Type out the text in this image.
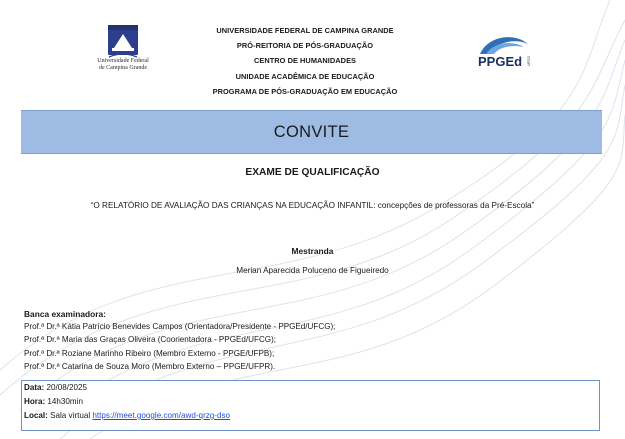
Universidade Federal
de Campina Grande
UNIVERSIDADE FEDERAL DE CAMPINA GRANDE
PRÓ-REITORIA DE PÓS-GRADUAÇÃO
CENTRO DE HUMANIDADES
UNIDADE ACADÊMICA DE EDUCAÇÃO
PROGRAMA DE PÓS-GRADUAÇÃO EM EDUCAÇÃO
PPGEd UFCG
CONVITE
EXAME DE QUALIFICAÇÃO
“O RELATÓRIO DE AVALIAÇÃO DAS CRIANÇAS NA EDUCAÇÃO INFANTIL: concepções de professoras da Pré-Escola”
Mestranda
Merian Aparecida Poluceno de Figueiredo
Banca examinadora:
Prof.ª Dr.ª Kátia Patrício Benevides Campos (Orientadora/Presidente - PPGEd/UFCG);
Prof.ª Dr.ª Maria das Graças Oliveira (Coorientadora - PPGEd/UFCG);
Prof.ª Dr.ª Roziane Marinho Ribeiro (Membro Externo - PPGE/UFPB);
Prof.ª Dr.ª Catarina de Souza Moro (Membro Externo – PPGE/UFPR).
Data: 20/08/2025
Hora: 14h30min
Local: Sala virtual https://meet.google.com/awd-qrzg-dso
